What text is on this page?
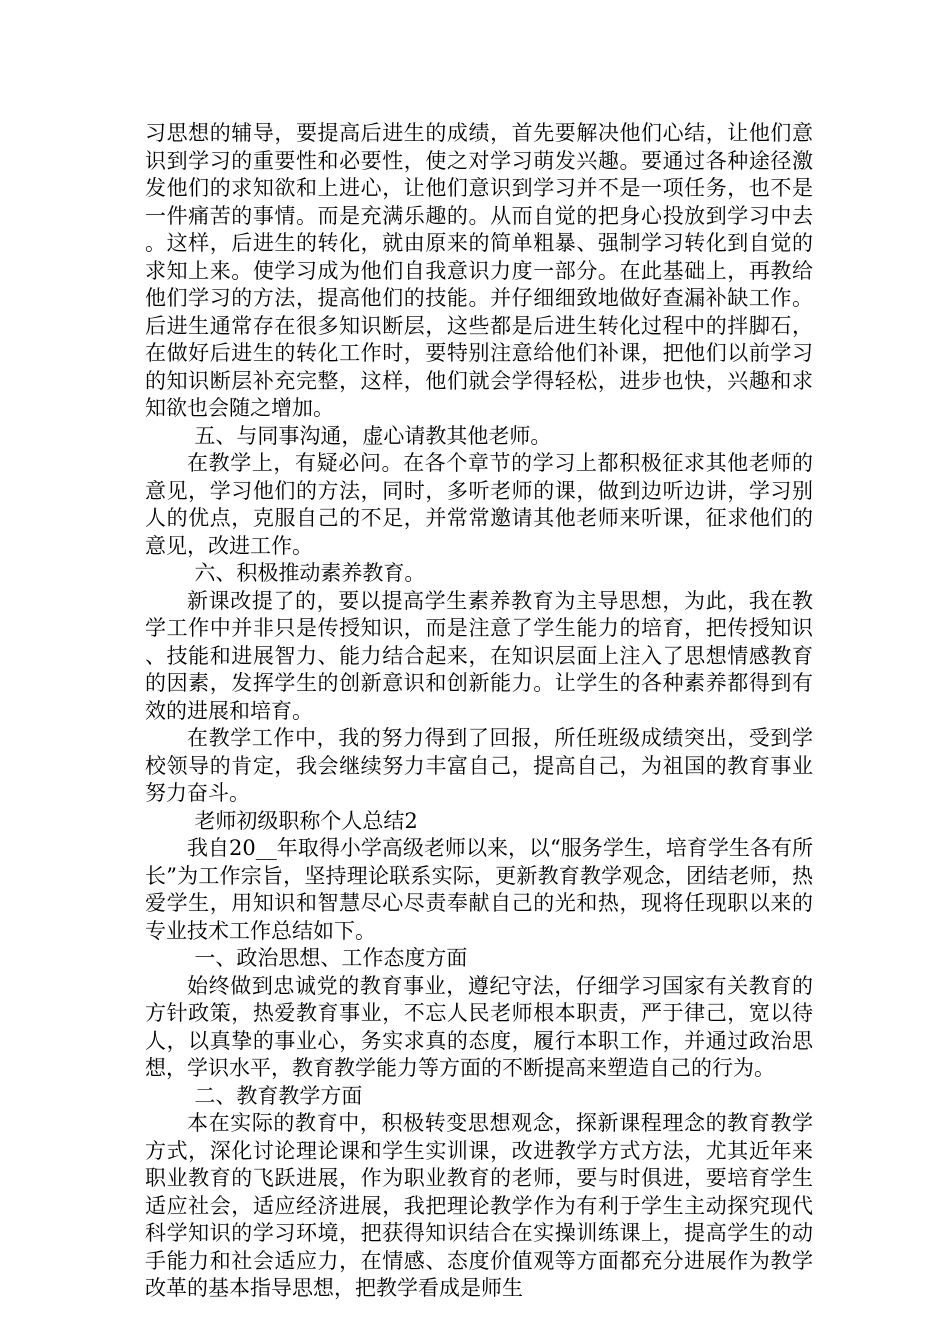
习思想的辅导，要提高后进生的成绩，首先要解决他们心结，让他们意识到学习的重要性和必要性，使之对学习萌发兴趣。要通过各种途径激发他们的求知欲和上进心，让他们意识到学习并不是一项任务，也不是一件痛苦的事情。而是充满乐趣的。从而自觉的把身心投放到学习中去。这样，后进生的转化，就由原来的简单粗暴、强制学习转化到自觉的求知上来。使学习成为他们自我意识力度一部分。在此基础上，再教给他们学习的方法，提高他们的技能。并仔细细致地做好查漏补缺工作。后进生通常存在很多知识断层，这些都是后进生转化过程中的拌脚石，在做好后进生的转化工作时，要特别注意给他们补课，把他们以前学习的知识断层补充完整，这样，他们就会学得轻松，进步也快，兴趣和求知欲也会随之增加。

五、与同事沟通，虚心请教其他老师。

在教学上，有疑必问。在各个章节的学习上都积极征求其他老师的意见，学习他们的方法，同时，多听老师的课，做到边听边讲，学习别人的优点，克服自己的不足，并常常邀请其他老师来听课，征求他们的意见，改进工作。

六、积极推动素养教育。

新课改提了的，要以提高学生素养教育为主导思想，为此，我在教学工作中并非只是传授知识，而是注意了学生能力的培育，把传授知识、技能和进展智力、能力结合起来，在知识层面上注入了思想情感教育的因素，发挥学生的创新意识和创新能力。让学生的各种素养都得到有效的进展和培育。

在教学工作中，我的努力得到了回报，所任班级成绩突出，受到学校领导的肯定，我会继续努力丰富自己，提高自己，为祖国的教育事业努力奋斗。

老师初级职称个人总结2

我自20__年取得小学高级老师以来，以“服务学生，培育学生各有所长”为工作宗旨，坚持理论联系实际，更新教育教学观念，团结老师，热爱学生，用知识和智慧尽心尽责奉献自己的光和热，现将任现职以来的专业技术工作总结如下。

一、政治思想、工作态度方面

始终做到忠诚党的教育事业，遵纪守法，仔细学习国家有关教育的方针政策，热爱教育事业，不忘人民老师根本职责，严于律己，宽以待人，以真挚的事业心，务实求真的态度，履行本职工作，并通过政治思想，学识水平，教育教学能力等方面的不断提高来塑造自己的行为。

二、教育教学方面

本在实际的教育中，积极转变思想观念，探新课程理念的教育教学方式，深化讨论理论课和学生实训课，改进教学方式方法，尤其近年来职业教育的飞跃进展，作为职业教育的老师，要与时俱进，要培育学生适应社会，适应经济进展，我把理论教学作为有利于学生主动探究现代科学知识的学习环境，把获得知识结合在实操训练课上，提高学生的动手能力和社会适应力，在情感、态度价值观等方面都充分进展作为教学改革的基本指导思想，把教学看成是师生
